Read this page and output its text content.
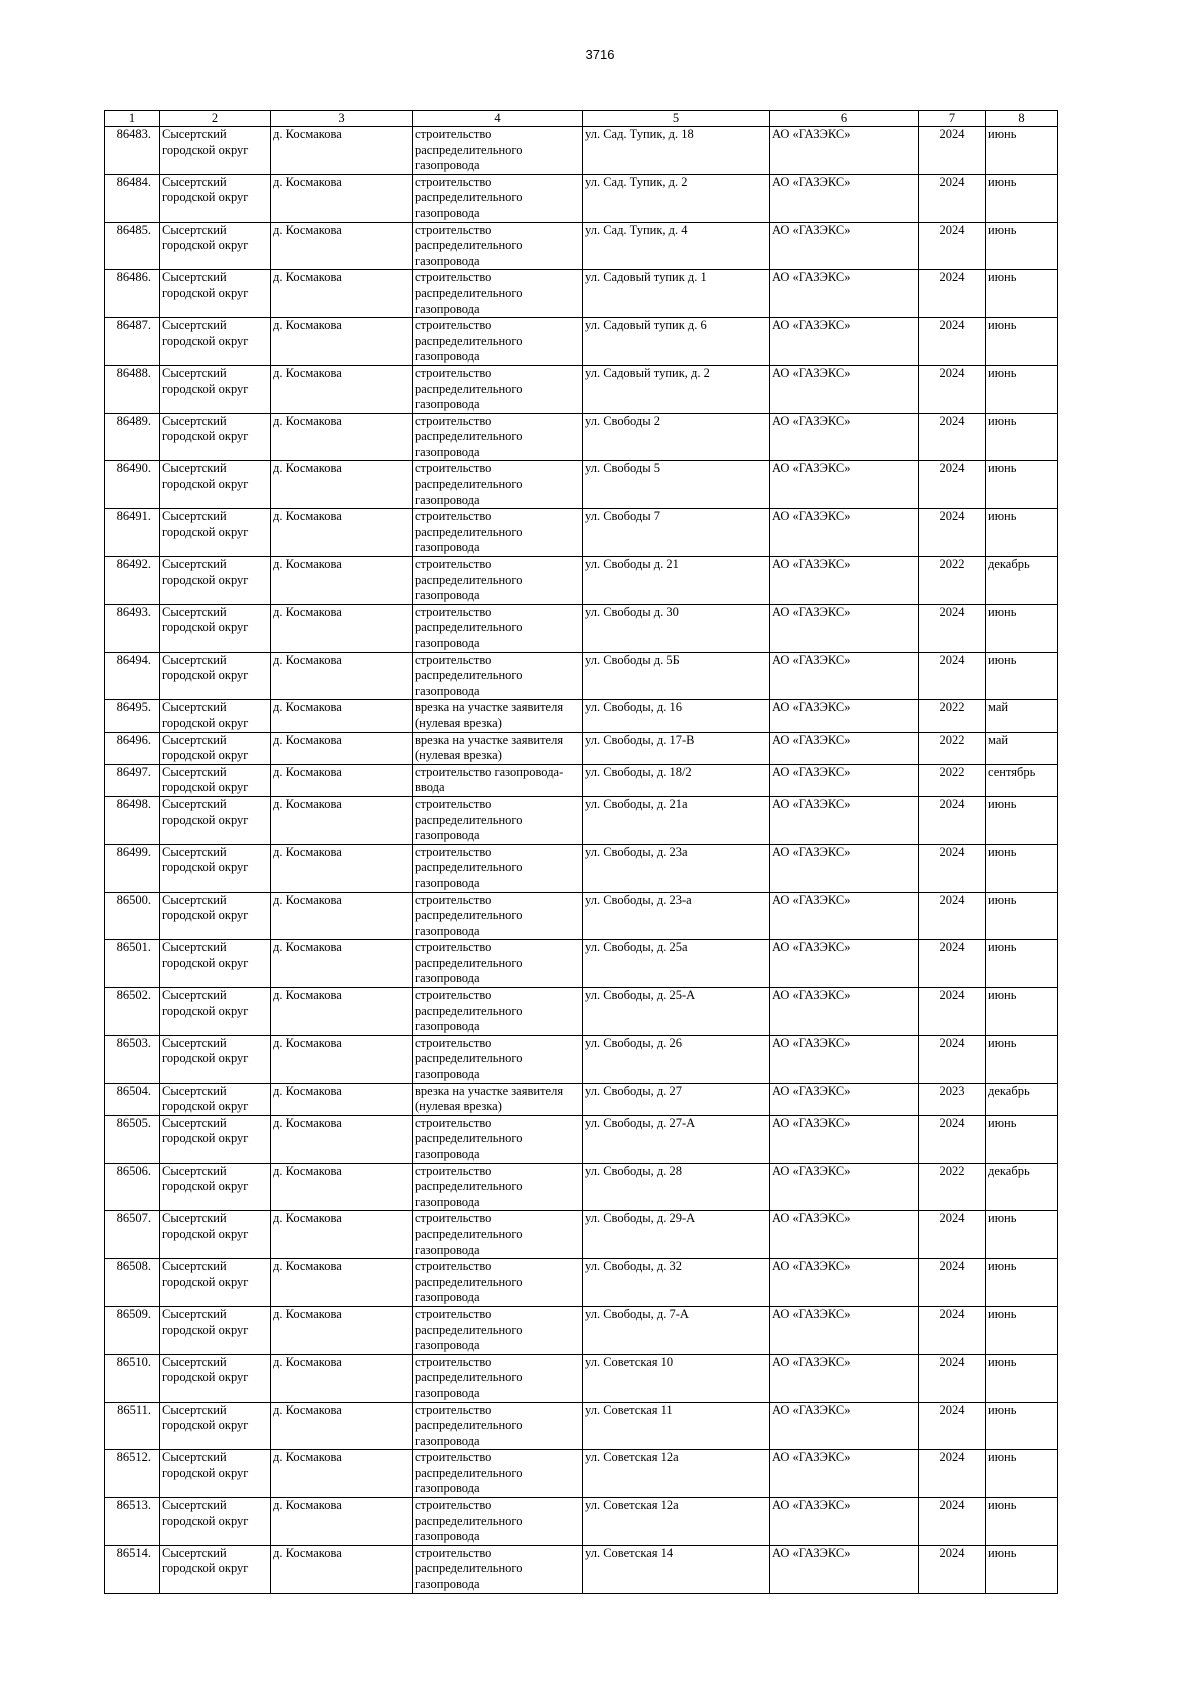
3716
1	2	3	4	5	6	7	8
86483.	Сысертский городской округ	д. Космакова	строительство распределительного газопровода	ул. Сад. Тупик, д. 18	АО «ГАЗЭКС»	2024	июнь
86484.	Сысертский городской округ	д. Космакова	строительство распределительного газопровода	ул. Сад. Тупик, д. 2	АО «ГАЗЭКС»	2024	июнь
86485.	Сысертский городской округ	д. Космакова	строительство распределительного газопровода	ул. Сад. Тупик, д. 4	АО «ГАЗЭКС»	2024	июнь
86486.	Сысертский городской округ	д. Космакова	строительство распределительного газопровода	ул. Садовый тупик д. 1	АО «ГАЗЭКС»	2024	июнь
86487.	Сысертский городской округ	д. Космакова	строительство распределительного газопровода	ул. Садовый тупик д. 6	АО «ГАЗЭКС»	2024	июнь
86488.	Сысертский городской округ	д. Космакова	строительство распределительного газопровода	ул. Садовый тупик, д. 2	АО «ГАЗЭКС»	2024	июнь
86489.	Сысертский городской округ	д. Космакова	строительство распределительного газопровода	ул. Свободы 2	АО «ГАЗЭКС»	2024	июнь
86490.	Сысертский городской округ	д. Космакова	строительство распределительного газопровода	ул. Свободы 5	АО «ГАЗЭКС»	2024	июнь
86491.	Сысертский городской округ	д. Космакова	строительство распределительного газопровода	ул. Свободы 7	АО «ГАЗЭКС»	2024	июнь
86492.	Сысертский городской округ	д. Космакова	строительство распределительного газопровода	ул. Свободы д. 21	АО «ГАЗЭКС»	2022	декабрь
86493.	Сысертский городской округ	д. Космакова	строительство распределительного газопровода	ул. Свободы д. 30	АО «ГАЗЭКС»	2024	июнь
86494.	Сысертский городской округ	д. Космакова	строительство распределительного газопровода	ул. Свободы д. 5Б	АО «ГАЗЭКС»	2024	июнь
86495.	Сысертский городской округ	д. Космакова	врезка на участке заявителя (нулевая врезка)	ул. Свободы, д. 16	АО «ГАЗЭКС»	2022	май
86496.	Сысертский городской округ	д. Космакова	врезка на участке заявителя (нулевая врезка)	ул. Свободы, д. 17-В	АО «ГАЗЭКС»	2022	май
86497.	Сысертский городской округ	д. Космакова	строительство газопровода-ввода	ул. Свободы, д. 18/2	АО «ГАЗЭКС»	2022	сентябрь
86498.	Сысертский городской округ	д. Космакова	строительство распределительного газопровода	ул. Свободы, д. 21а	АО «ГАЗЭКС»	2024	июнь
86499.	Сысертский городской округ	д. Космакова	строительство распределительного газопровода	ул. Свободы, д. 23а	АО «ГАЗЭКС»	2024	июнь
86500.	Сысертский городской округ	д. Космакова	строительство распределительного газопровода	ул. Свободы, д. 23-а	АО «ГАЗЭКС»	2024	июнь
86501.	Сысертский городской округ	д. Космакова	строительство распределительного газопровода	ул. Свободы, д. 25а	АО «ГАЗЭКС»	2024	июнь
86502.	Сысертский городской округ	д. Космакова	строительство распределительного газопровода	ул. Свободы, д. 25-А	АО «ГАЗЭКС»	2024	июнь
86503.	Сысертский городской округ	д. Космакова	строительство распределительного газопровода	ул. Свободы, д. 26	АО «ГАЗЭКС»	2024	июнь
86504.	Сысертский городской округ	д. Космакова	врезка на участке заявителя (нулевая врезка)	ул. Свободы, д. 27	АО «ГАЗЭКС»	2023	декабрь
86505.	Сысертский городской округ	д. Космакова	строительство распределительного газопровода	ул. Свободы, д. 27-А	АО «ГАЗЭКС»	2024	июнь
86506.	Сысертский городской округ	д. Космакова	строительство распределительного газопровода	ул. Свободы, д. 28	АО «ГАЗЭКС»	2022	декабрь
86507.	Сысертский городской округ	д. Космакова	строительство распределительного газопровода	ул. Свободы, д. 29-А	АО «ГАЗЭКС»	2024	июнь
86508.	Сысертский городской округ	д. Космакова	строительство распределительного газопровода	ул. Свободы, д. 32	АО «ГАЗЭКС»	2024	июнь
86509.	Сысертский городской округ	д. Космакова	строительство распределительного газопровода	ул. Свободы, д. 7-А	АО «ГАЗЭКС»	2024	июнь
86510.	Сысертский городской округ	д. Космакова	строительство распределительного газопровода	ул. Советская 10	АО «ГАЗЭКС»	2024	июнь
86511.	Сысертский городской округ	д. Космакова	строительство распределительного газопровода	ул. Советская 11	АО «ГАЗЭКС»	2024	июнь
86512.	Сысертский городской округ	д. Космакова	строительство распределительного газопровода	ул. Советская 12а	АО «ГАЗЭКС»	2024	июнь
86513.	Сысертский городской округ	д. Космакова	строительство распределительного газопровода	ул. Советская 12а	АО «ГАЗЭКС»	2024	июнь
86514.	Сысертский городской округ	д. Космакова	строительство распределительного газопровода	ул. Советская 14	АО «ГАЗЭКС»	2024	июнь
